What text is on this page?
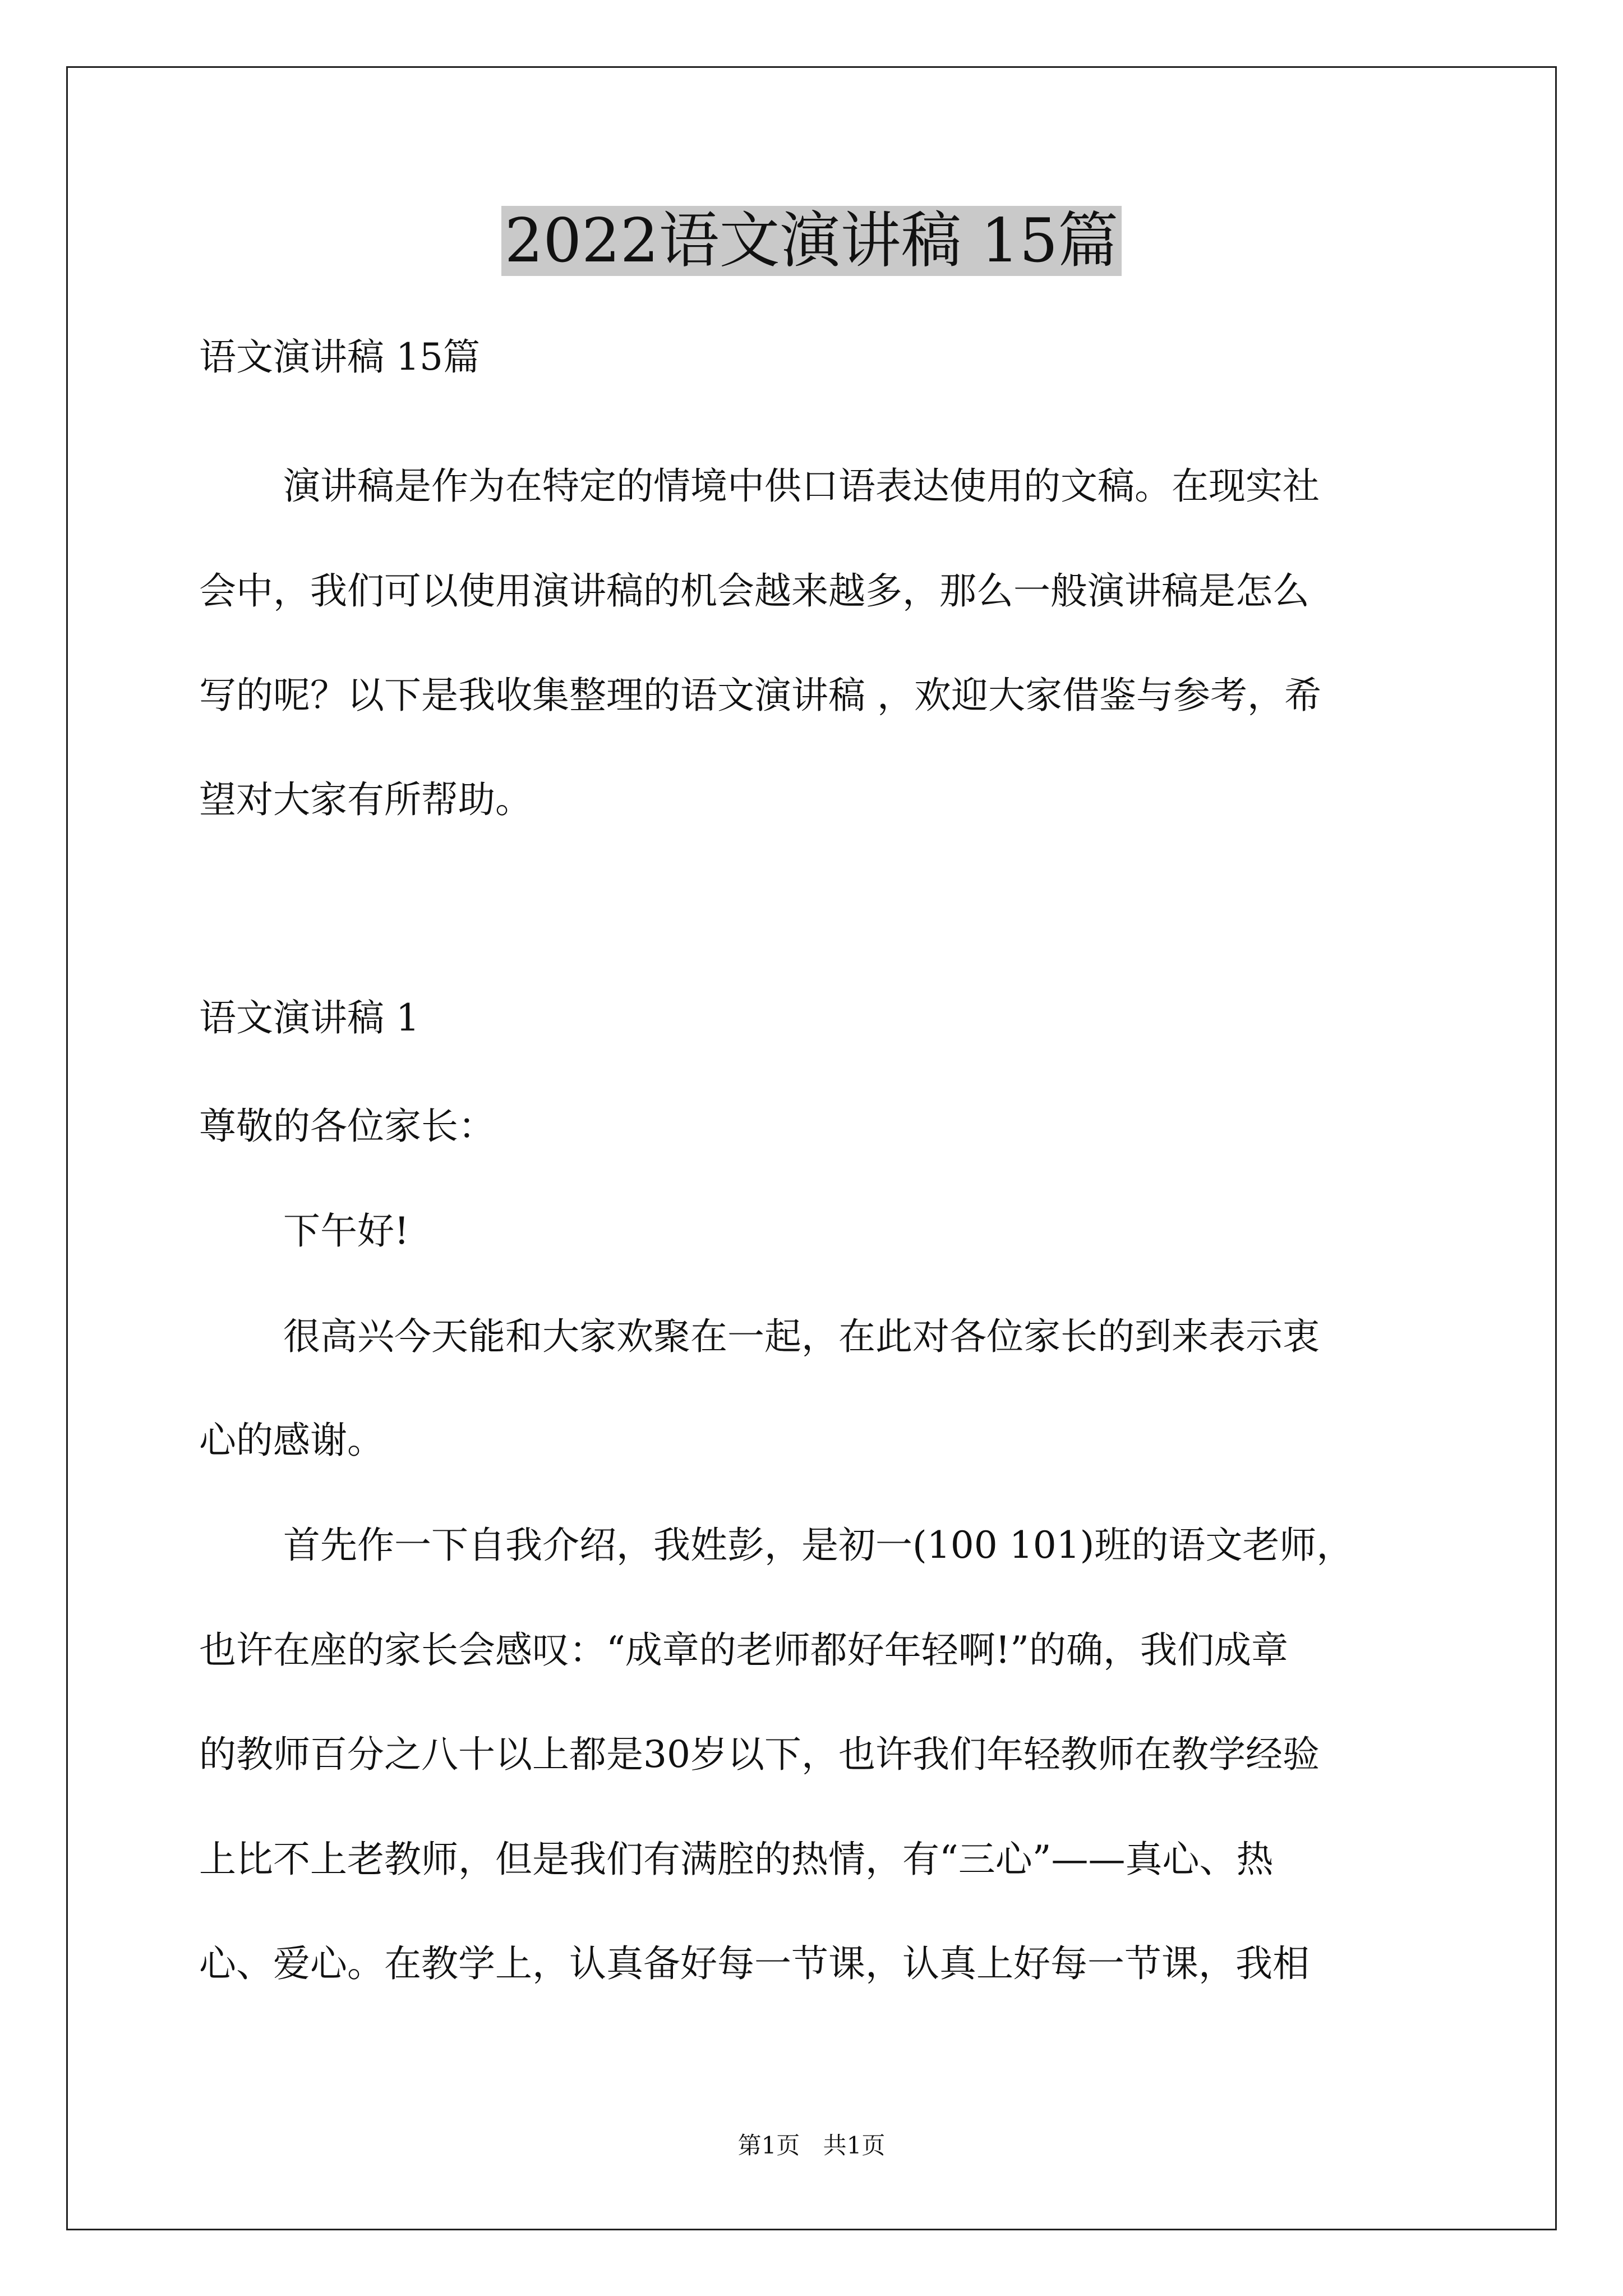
2022语文演讲稿 15篇

语文演讲稿 15篇

演讲稿是作为在特定的情境中供口语表达使用的文稿。在现实社

会中，我们可以使用演讲稿的机会越来越多，那么一般演讲稿是怎么

写的呢？以下是我收集整理的语文演讲稿 ，欢迎大家借鉴与参考，希

望对大家有所帮助。

语文演讲稿 1

尊敬的各位家长：

下午好!

很高兴今天能和大家欢聚在一起，在此对各位家长的到来表示衷

心的感谢。

首先作一下自我介绍，我姓彭，是初一(100 101)班的语文老师，

也许在座的家长会感叹：“成章的老师都好年轻啊!”的确，我们成章

的教师百分之八十以上都是30岁以下，也许我们年轻教师在教学经验

上比不上老教师，但是我们有满腔的热情，有“三心”——真心、热

心、爱心。在教学上，认真备好每一节课，认真上好每一节课，我相

第1页 共1页
